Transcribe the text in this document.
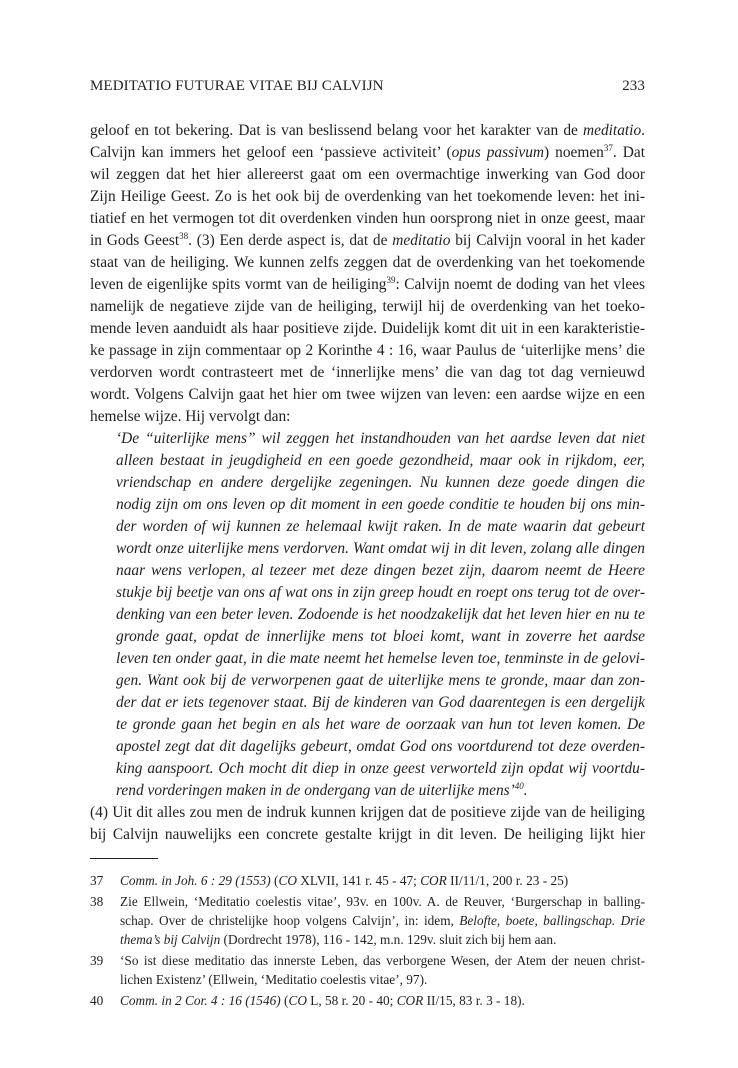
MEDITATIO FUTURAE VITAE BIJ CALVIJN	233
geloof en tot bekering. Dat is van beslissend belang voor het karakter van de meditatio.
Calvijn kan immers het geloof een ‘passieve activiteit’ (opus passivum) noemen$^{37}$. Dat
wil zeggen dat het hier allereerst gaat om een overmachtige inwerking van God door
Zijn Heilige Geest. Zo is het ook bij de overdenking van het toekomende leven: het ini-
tiatief en het vermogen tot dit overdenken vinden hun oorsprong niet in onze geest, maar
in Gods Geest$^{38}$. (3) Een derde aspect is, dat de meditatio bij Calvijn vooral in het kader
staat van de heiliging. We kunnen zelfs zeggen dat de overdenking van het toekomende
leven de eigenlijke spits vormt van de heiliging$^{39}$: Calvijn noemt de doding van het vlees
namelijk de negatieve zijde van de heiliging, terwijl hij de overdenking van het toeko-
mende leven aanduidt als haar positieve zijde. Duidelijk komt dit uit in een karakteristie-
ke passage in zijn commentaar op 2 Korinthe 4 : 16, waar Paulus de ‘uiterlijke mens’ die
verdorven wordt contrasteert met de ‘innerlijke mens’ die van dag tot dag vernieuwd
wordt. Volgens Calvijn gaat het hier om twee wijzen van leven: een aardse wijze en een
hemelse wijze. Hij vervolgt dan:
‘De “uiterlijke mens” wil zeggen het instandhouden van het aardse leven dat niet
alleen bestaat in jeugdigheid en een goede gezondheid, maar ook in rijkdom, eer,
vriendschap en andere dergelijke zegeningen. Nu kunnen deze goede dingen die
nodig zijn om ons leven op dit moment in een goede conditie te houden bij ons min-
der worden of wij kunnen ze helemaal kwijt raken. In de mate waarin dat gebeurt
wordt onze uiterlijke mens verdorven. Want omdat wij in dit leven, zolang alle dingen
naar wens verlopen, al tezeer met deze dingen bezet zijn, daarom neemt de Heere
stukje bij beetje van ons af wat ons in zijn greep houdt en roept ons terug tot de over-
denking van een beter leven. Zodoende is het noodzakelijk dat het leven hier en nu te
gronde gaat, opdat de innerlijke mens tot bloei komt, want in zoverre het aardse
leven ten onder gaat, in die mate neemt het hemelse leven toe, tenminste in de gelovi-
gen. Want ook bij de verworpenen gaat de uiterlijke mens te gronde, maar dan zon-
der dat er iets tegenover staat. Bij de kinderen van God daarentegen is een dergelijk
te gronde gaan het begin en als het ware de oorzaak van hun tot leven komen. De
apostel zegt dat dit dagelijks gebeurt, omdat God ons voortdurend tot deze overden-
king aanspoort. Och mocht dit diep in onze geest verworteld zijn opdat wij voortdu-
rend vorderingen maken in de ondergang van de uiterlijke mens’$^{40}$.
(4) Uit dit alles zou men de indruk kunnen krijgen dat de positieve zijde van de heiliging
bij Calvijn nauwelijks een concrete gestalte krijgt in dit leven. De heiliging lijkt hier
37 Comm. in Joh. 6 : 29 (1553) (CO XLVII, 141 r. 45 - 47; COR II/11/1, 200 r. 23 - 25)
38 Zie Ellwein, ‘Meditatio coelestis vitae’, 93v. en 100v. A. de Reuver, ‘Burgerschap in balling-
schap. Over de christelijke hoop volgens Calvijn’, in: idem, Belofte, boete, ballingschap. Drie
thema’s bij Calvijn (Dordrecht 1978), 116 - 142, m.n. 129v. sluit zich bij hem aan.
39 ‘So ist diese meditatio das innerste Leben, das verborgene Wesen, der Atem der neuen christ-
lichen Existenz’ (Ellwein, ‘Meditatio coelestis vitae’, 97).
40 Comm. in 2 Cor. 4 : 16 (1546) (CO L, 58 r. 20 - 40; COR II/15, 83 r. 3 - 18).
